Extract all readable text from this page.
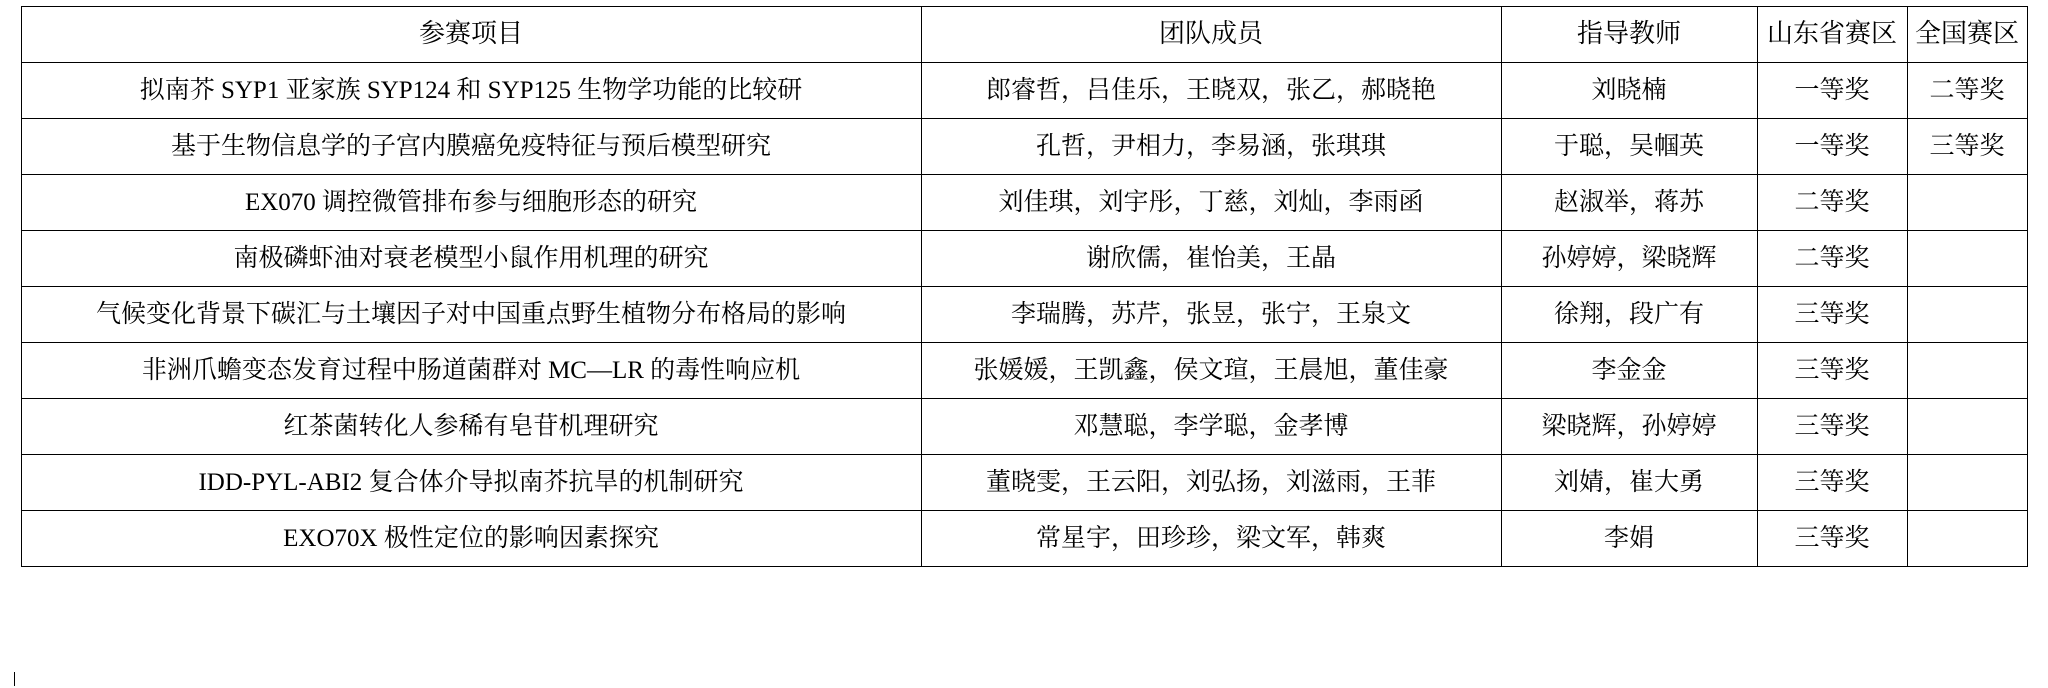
参赛项目	团队成员	指导教师	山东省赛区	全国赛区
拟南芥 SYP1 亚家族 SYP124 和 SYP125 生物学功能的比较研	郎睿哲，吕佳乐，王晓双，张乙，郝晓艳	刘晓楠	一等奖	二等奖
基于生物信息学的子宫内膜癌免疫特征与预后模型研究	孔哲，尹相力，李易涵，张琪琪	于聪，吴帼英	一等奖	三等奖
EX070 调控微管排布参与细胞形态的研究	刘佳琪，刘宇彤，丁慈，刘灿，李雨函	赵淑举，蒋苏	二等奖	
南极磷虾油对衰老模型小鼠作用机理的研究	谢欣儒，崔怡美，王晶	孙婷婷，梁晓辉	二等奖	
气候变化背景下碳汇与土壤因子对中国重点野生植物分布格局的影响	李瑞腾，苏芹，张昱，张宁，王泉文	徐翔，段广有	三等奖	
非洲爪蟾变态发育过程中肠道菌群对 MC—LR 的毒性响应机	张媛媛，王凯鑫，侯文瑄，王晨旭，董佳豪	李金金	三等奖	
红茶菌转化人参稀有皂苷机理研究	邓慧聪，李学聪，金孝博	梁晓辉，孙婷婷	三等奖	
IDD-PYL-ABI2 复合体介导拟南芥抗旱的机制研究	董晓雯，王云阳，刘弘扬，刘滋雨，王菲	刘婧，崔大勇	三等奖	
EXO70X 极性定位的影响因素探究	常星宇，田珍珍，梁文军，韩爽	李娟	三等奖	
